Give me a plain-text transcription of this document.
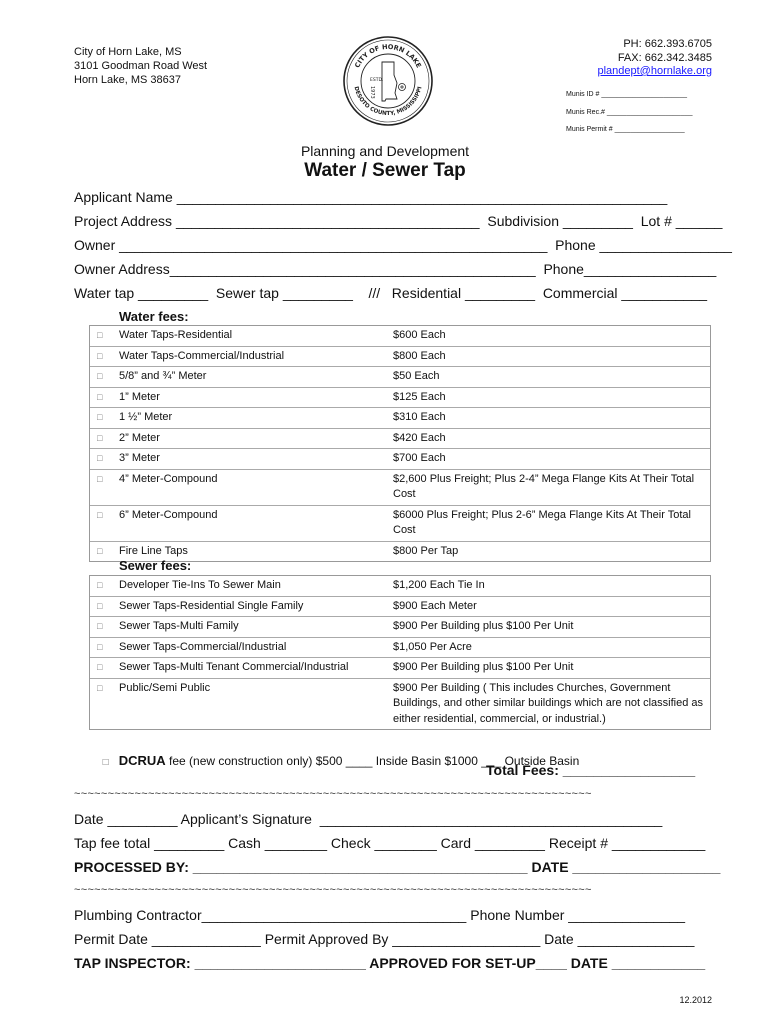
City of Horn Lake, MS
3101 Goodman Road West
Horn Lake, MS 38637
CITY OF HORN LAKE
DESOTO COUNTY, MISSISSIPPI
ESTD.
1973
PH: 662.393.6705
FAX: 662.342.3485
plandept@hornlake.org
Munis ID # ______________________
Munis Rec.# ______________________
Munis Permit # __________________
Planning and Development
Water / Sewer Tap
Applicant Name _______________________________________________________________
Project Address _______________________________________  Subdivision _________  Lot # ______
Owner _______________________________________________________  Phone _________________
Owner Address_______________________________________________  Phone_________________
Water tap _________  Sewer tap _________    ///   Residential _________  Commercial ___________
Water fees:
□	Water Taps-Residential	$600 Each
□	Water Taps-Commercial/Industrial	$800 Each
□	5/8” and ¾” Meter	$50 Each
□	1” Meter	$125 Each
□	1 ½” Meter	$310 Each
□	2” Meter	$420 Each
□	3” Meter	$700 Each
□	4” Meter-Compound	$2,600 Plus Freight; Plus 2-4” Mega Flange Kits At Their Total Cost
□	6” Meter-Compound	$6000 Plus Freight; Plus 2-6” Mega Flange Kits At Their Total Cost
□	Fire Line Taps	$800 Per Tap
Sewer fees:
□	Developer Tie-Ins To Sewer Main	$1,200 Each Tie In
□	Sewer Taps-Residential Single Family	$900 Each Meter
□	Sewer Taps-Multi Family	$900 Per Building plus $100 Per Unit
□	Sewer Taps-Commercial/Industrial	$1,050 Per Acre
□	Sewer Taps-Multi Tenant Commercial/Industrial	$900 Per Building plus $100 Per Unit
□	Public/Semi Public	$900 Per Building ( This includes Churches, Government Buildings, and other similar buildings which are not classified as either residential, commercial, or industrial.)

□ DCRUA fee (new construction only) $500 ____ Inside Basin $1000 ___ Outside Basin

Total Fees: _________________
~~~~~~~~~~~~~~~~~~~~~~~~~~~~~~~~~~~~~~~~~~~~~~~~~~~~~~~~~~~~~~~~~~~~~~~~~~~~~
Date _________ Applicant’s Signature  ____________________________________________
Tap fee total _________ Cash ________ Check ________ Card _________ Receipt # ____________
PROCESSED BY: ___________________________________________ DATE ___________________
~~~~~~~~~~~~~~~~~~~~~~~~~~~~~~~~~~~~~~~~~~~~~~~~~~~~~~~~~~~~~~~~~~~~~~~~~~~~~
Plumbing Contractor__________________________________ Phone Number _______________
Permit Date ______________ Permit Approved By ___________________ Date _______________
TAP INSPECTOR: ______________________ APPROVED FOR SET-UP____ DATE ____________
12.2012
